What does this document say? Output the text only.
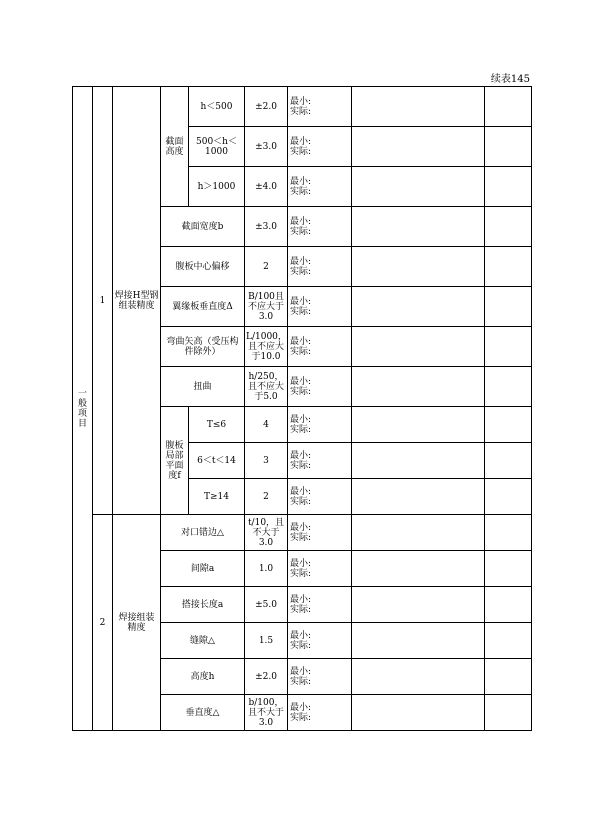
续表145
一般项目	1	焊接H型钢组装精度	截面高度	h＜500	±2.0	最小:
实际:		

				500＜h＜1000	±3.0	最小:
实际:		

				h＞1000	±4.0	最小:
实际:		

			截面宽度b		±3.0	最小:
实际:		

			腹板中心偏移		2	最小:
实际:		

			翼缘板垂直度Δ		B/100且不应大于3.0	最小:
实际:		

			弯曲矢高（受压构件除外）		L/1000，且不应大于10.0	最小:
实际:		

			扭曲		h/250，且不应大于5.0	最小:
实际:		

			腹板局部平面度f	T≤6	4	最小:
实际:		

				6＜t＜14	3	最小:
实际:		

				T≥14	2	最小:
实际:		

	2	焊接组装精度	对口错边△		t/10，且不大于3.0	最小:
实际:		

			间隙a		1.0	最小:
实际:		

			搭接长度a		±5.0	最小:
实际:		

			缝隙△		1.5	最小:
实际:		

			高度h		±2.0	最小:
实际:		

			垂直度△		b/100，且不大于3.0	最小:
实际:		
